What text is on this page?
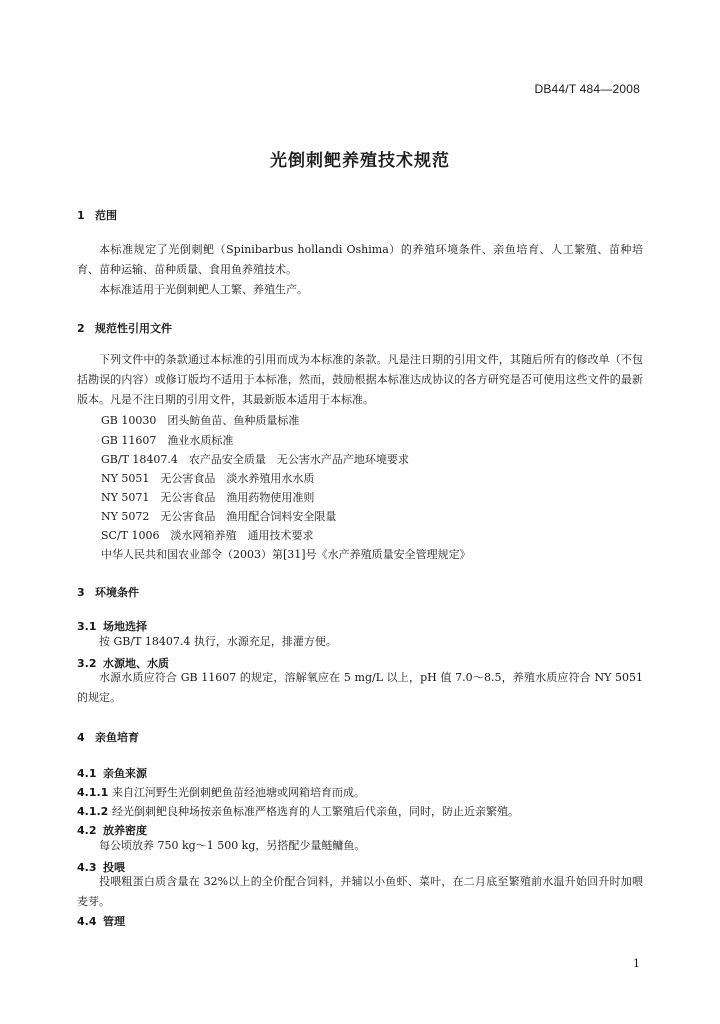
DB44/T 484—2008
光倒刺鲃养殖技术规范
1 范围

本标准规定了光倒刺鲃（Spinibarbus hollandi Oshima）的养殖环境条件、亲鱼培育、人工繁殖、苗种培育、苗种运输、苗种质量、食用鱼养殖技术。

本标准适用于光倒刺鲃人工繁、养殖生产。

2 规范性引用文件

下列文件中的条款通过本标准的引用而成为本标准的条款。凡是注日期的引用文件，其随后所有的修改单（不包括勘误的内容）或修订版均不适用于本标准，然而，鼓励根据本标准达成协议的各方研究是否可使用这些文件的最新版本。凡是不注日期的引用文件，其最新版本适用于本标准。

GB 10030　团头鲂鱼苗、鱼种质量标准
GB 11607　渔业水质标准
GB/T 18407.4　农产品安全质量　无公害水产品产地环境要求
NY 5051　无公害食品　淡水养殖用水水质
NY 5071　无公害食品　渔用药物使用准则
NY 5072　无公害食品　渔用配合饲料安全限量
SC/T 1006　淡水网箱养殖　通用技术要求
中华人民共和国农业部令（2003）第[31]号《水产养殖质量安全管理规定》
3 环境条件
3.1 场地选择

按 GB/T 18407.4 执行，水源充足，排灌方便。

3.2 水源地、水质

水源水质应符合 GB 11607 的规定，溶解氧应在 5 mg/L 以上，pH 值 7.0～8.5，养殖水质应符合 NY 5051 的规定。

4 亲鱼培育
4.1 亲鱼来源
4.1.1 来自江河野生光倒刺鲃鱼苗经池塘或网箱培育而成。
4.1.2 经光倒刺鲃良种场按亲鱼标准严格选育的人工繁殖后代亲鱼，同时，防止近亲繁殖。
4.2 放养密度

每公顷放养 750 kg～1 500 kg，另搭配少量鲢鳙鱼。

4.3 投喂

投喂粗蛋白质含量在 32%以上的全价配合饲料，并辅以小鱼虾、菜叶，在二月底至繁殖前水温升始回升时加喂麦芽。

4.4 管理
1
